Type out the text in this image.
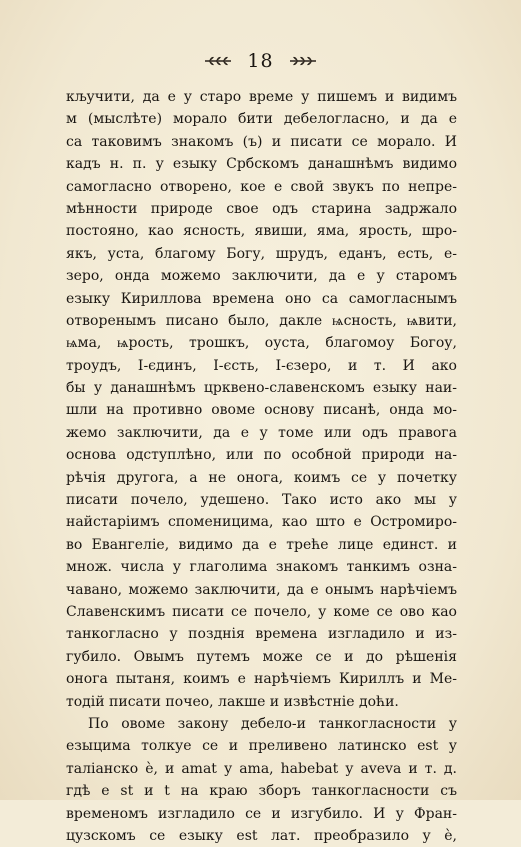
18
кључити, да е у старо време у пишемъ и видимъ
м (мыслѣте) морало бити дебелогласно, и да е
са таковимъ знакомъ (ъ) и писати се морало. И
кадъ н. п. у езыку Србскомъ данашнѣмъ видимо
самогласно отворено, кое е свой звукъ по непре-
мѣнности природе свое одъ старина задржало
постояно, као ясность, явиши, яма, ярость, шро-
якъ, уста, благому Богу, шрудъ, еданъ, есть, е-
зеро, онда можемо заключити, да е у старомъ
езыку Кириллова времена оно са самогласнымъ
отворенымъ писано было, дакле ѩсность, ѩвити,
ѩма, ѩрость, трошкъ, оуста, благомоу Богоу,
троудъ, І-єдинъ, І-єсть, І-єзеро, и т. И ако
бы у данашнѣмъ црквено-славенскомъ езыку наи-
шли на противно овоме основу писанѣ, онда мо-
жемо заключити, да е у томе или одъ правога
основа одступлѣно, или по особной природи на-
рѣчія другога, а не онога, коимъ се у почетку
писати почело, удешено. Тако исто ако мы у
найстаріимъ споменицима, као што е Остромиро-
во Евангеліе, видимо да е треће лице единст. и
множ. числа у глаголима знакомъ танкимъ озна-
чавано, можемо заключити, да е онымъ нарѣчіемъ
Славенскимъ писати се почело, у коме се ово као
танкогласно у позднія времена изгладило и из-
губило. Овымъ путемъ може се и до рѣшенія
онога пытаня, коимъ е нарѣчіемъ Кириллъ и Ме-
тодій писати почео, лакше и извѣстніе доћи.
По овоме закону дебело-и танкогласности у
езыцима толкуе се и преливено латинско est у
таліанско è, и amat у ama, habebat у aveva и т. д.
гдѣ е st и t на краю зборъ танкогласности съ
временомъ изгладило се и изгубило. И у Фран-
цузскомъ се езыку est лат. преобразило у è,
